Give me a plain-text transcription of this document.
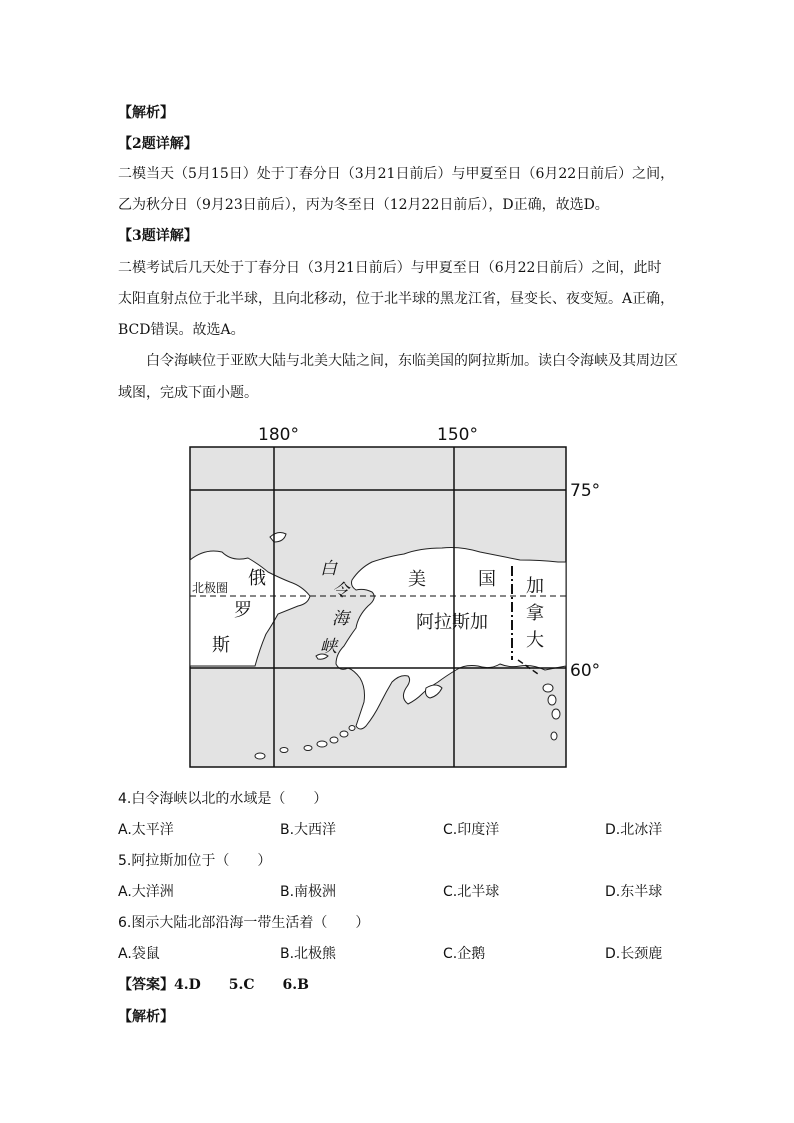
【解析】
【2题详解】
二模当天（5月15日）处于丁春分日（3月21日前后）与甲夏至日（6月22日前后）之间，
乙为秋分日（9月23日前后），丙为冬至日（12月22日前后），D正确，故选D。
【3题详解】
二模考试后几天处于丁春分日（3月21日前后）与甲夏至日（6月22日前后）之间，此时
太阳直射点位于北半球，且向北移动，位于北半球的黑龙江省，昼变长、夜变短。A正确，
BCD错误。故选A。
白令海峡位于亚欧大陆与北美大陆之间，东临美国的阿拉斯加。读白令海峡及其周边区
域图，完成下面小题。
180°	150°
75°
60°
北极圈 俄
罗
斯
白
令
海
峡
美	国
阿拉斯加
加
拿
大
4.白令海峡以北的水域是（　　）
A.太平洋	B.大西洋	C.印度洋	D.北冰洋
5.阿拉斯加位于（　　）
A.大洋洲	B.南极洲	C.北半球	D.东半球
6.图示大陆北部沿海一带生活着（　　）
A.袋鼠	B.北极熊	C.企鹅	D.长颈鹿
【答案】4.D　　5.C　　6.B
【解析】
